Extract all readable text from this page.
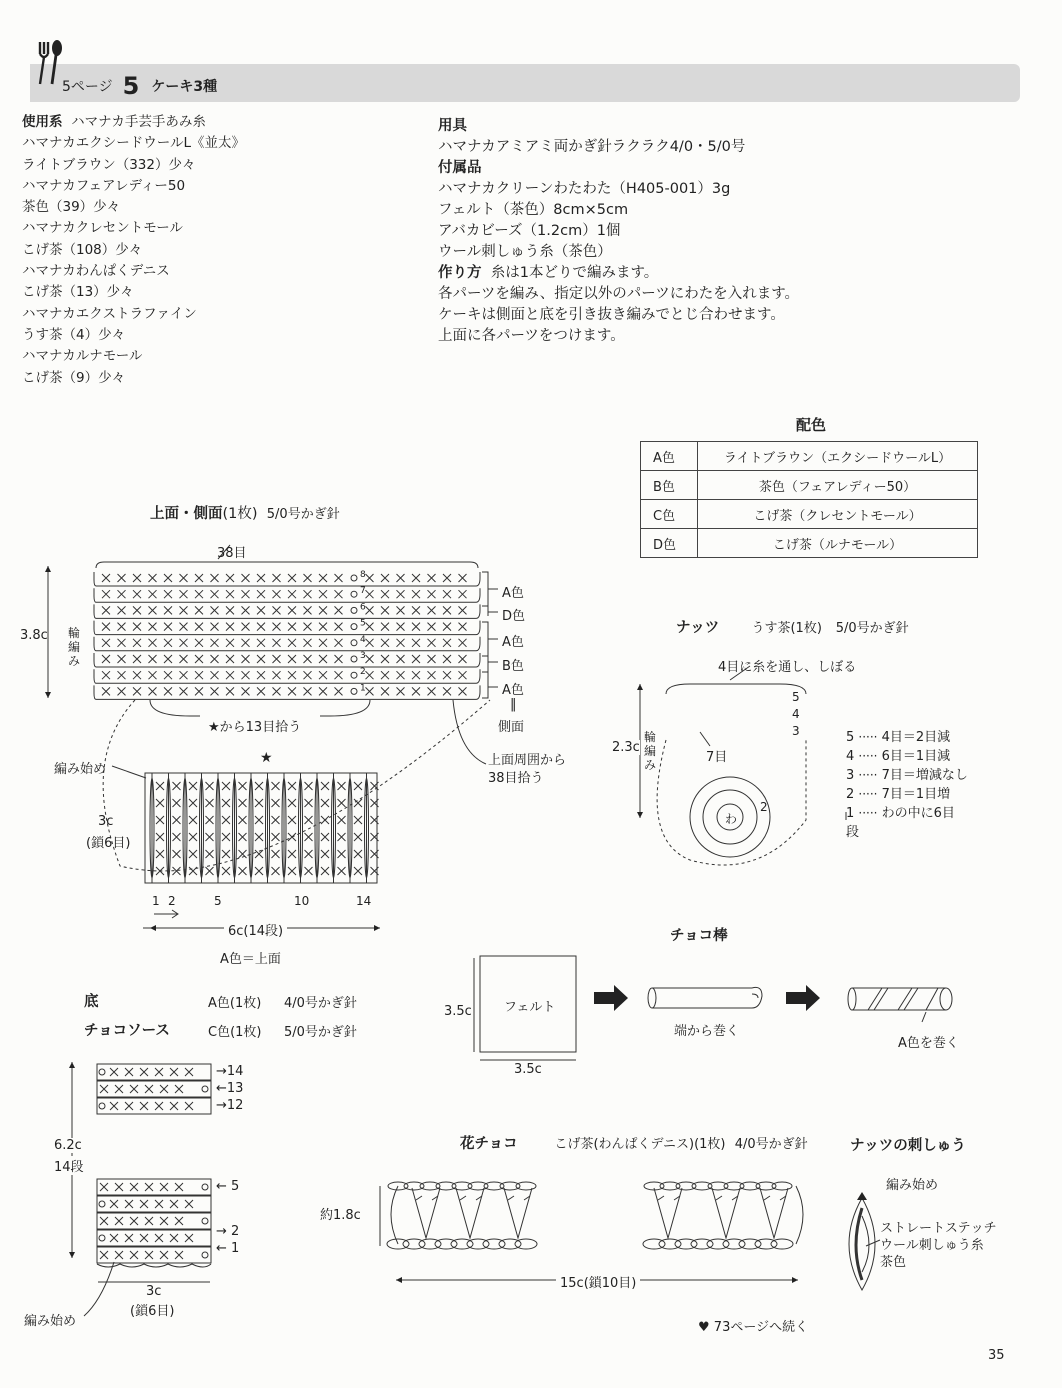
5ページ 5 ケーキ3種
使用系 ハマナカ手芸手あみ糸
ハマナカエクシードウールL《並太》
ライトブラウン（332）少々
ハマナカフェアレディー50
茶色（39）少々
ハマナカクレセントモール
こげ茶（108）少々
ハマナカわんぱくデニス
こげ茶（13）少々
ハマナカエクストラファイン
うす茶（4）少々
ハマナカルナモール
こげ茶（9）少々
用具
ハマナカアミアミ両かぎ針ラクラク4/0・5/0号
付属品
ハマナカクリーンわたわた（H405-001）3g
フェルト（茶色）8cm×5cm
アバカビーズ（1.2cm）1個
ウール刺しゅう糸（茶色）
作り方 糸は1本どりで編みます。
各パーツを編み、指定以外のパーツにわたを入れます。
ケーキは側面と底を引き抜き編みでとじ合わせます。
上面に各パーツをつけます。
配色
A色	ライトブラウン（エクシードウールL）
B色	茶色（フェアレディー50）
C色	こげ茶（クレセントモール）
D色	こげ茶（ルナモール）
8
7
6
5
4
3
2
1
上面・側面(1枚) 5/0号かぎ針
38目
3.8c 輪編み
A色
D色
A色
B色
A色
‖
側面
★から13目拾う
上面周囲から38目拾う
編み始め
★
3c
(鎖6目)
1 2	5	10	14
6c(14段)
A色＝上面
底	A色(1枚) 4/0号かぎ針
チョコソース	C色(1枚) 5/0号かぎ針
6.2c
14段
→14
←13
→12
← 5
→ 2
← 1
3c
(鎖6目)
編み始め
ナッツ うす茶(1枚) 5/0号かぎ針
4目に糸を通し、しぼる
2.3c
輪編み	7目
わ
5
4
3
2
5 ····· 4目＝2目減
4 ····· 6目＝1目減
3 ····· 7目＝増減なし
2 ····· 7目＝1目増
1 ····· わの中に6目
段
チョコ棒
フェルト
3.5c
3.5c
端から巻く
A色を巻く
花チョコ	こげ茶(わんぱくデニス)(1枚) 4/0号かぎ針
約1.8c
15c(鎖10目)
ナッツの刺しゅう
編み始め
ストレートステッチ
ウール刺しゅう糸
茶色
♥ 73ページへ続く
35
